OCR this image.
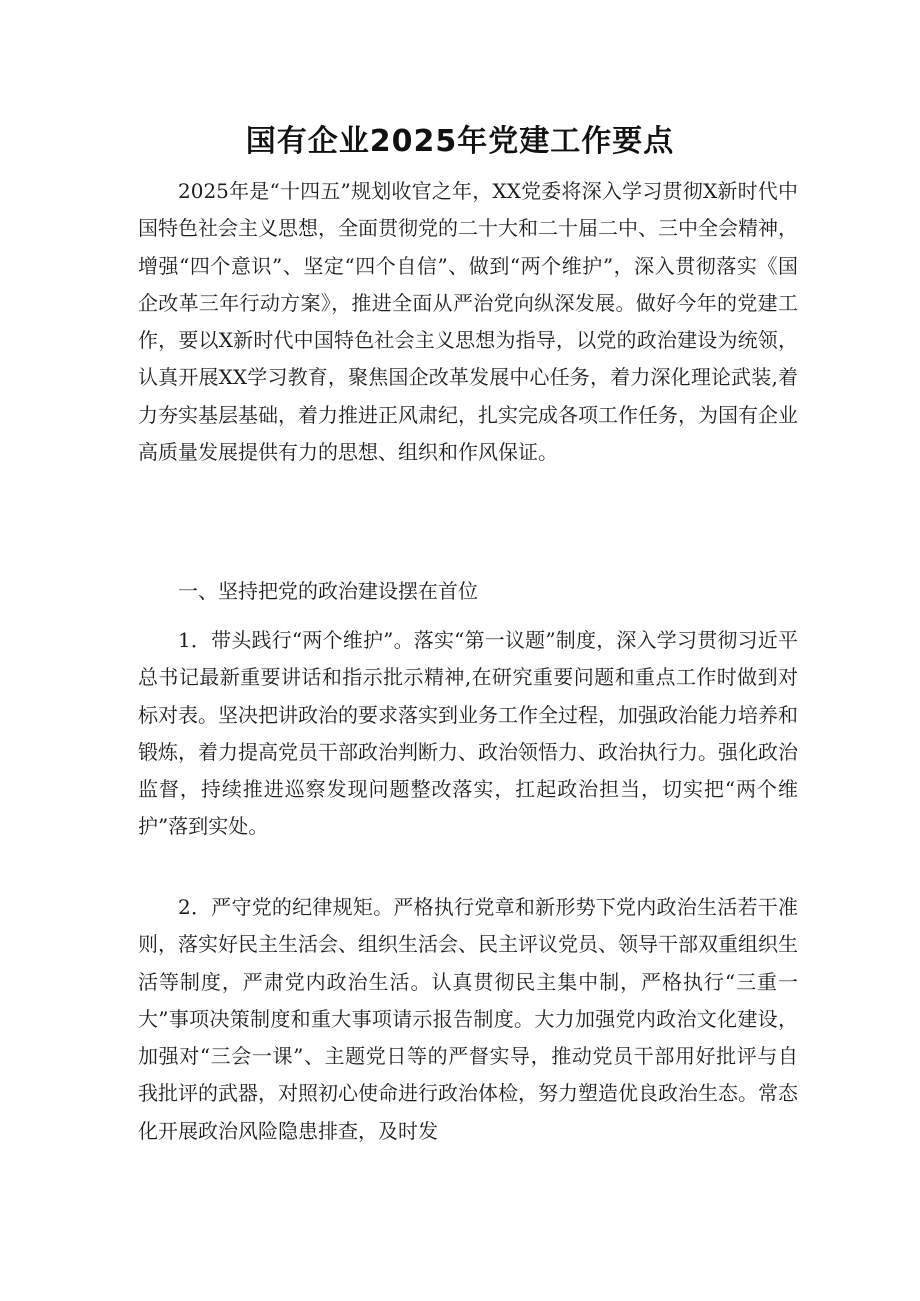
国有企业2025年党建工作要点

2025年是“十四五”规划收官之年，XX党委将深入学习贯彻X新时代中国特色社会主义思想，全面贯彻党的二十大和二十届二中、三中全会精神，增强“四个意识”、坚定“四个自信”、做到“两个维护”，深入贯彻落实《国企改革三年行动方案》，推进全面从严治党向纵深发展。做好今年的党建工作，要以X新时代中国特色社会主义思想为指导，以党的政治建设为统领，认真开展XX学习教育，聚焦国企改革发展中心任务，着力深化理论武装,着力夯实基层基础，着力推进正风肃纪，扎实完成各项工作任务，为国有企业高质量发展提供有力的思想、组织和作风保证。

一、坚持把党的政治建设摆在首位

1．带头践行“两个维护”。落实“第一议题”制度，深入学习贯彻习近平总书记最新重要讲话和指示批示精神,在研究重要问题和重点工作时做到对标对表。坚决把讲政治的要求落实到业务工作全过程，加强政治能力培养和锻炼，着力提高党员干部政治判断力、政治领悟力、政治执行力。强化政治监督，持续推进巡察发现问题整改落实，扛起政治担当，切实把“两个维护”落到实处。

2．严守党的纪律规矩。严格执行党章和新形势下党内政治生活若干准则，落实好民主生活会、组织生活会、民主评议党员、领导干部双重组织生活等制度，严肃党内政治生活。认真贯彻民主集中制，严格执行“三重一大”事项决策制度和重大事项请示报告制度。大力加强党内政治文化建设，加强对“三会一课”、主题党日等的严督实导，推动党员干部用好批评与自我批评的武器，对照初心使命进行政治体检，努力塑造优良政治生态。常态化开展政治风险隐患排查，及时发
